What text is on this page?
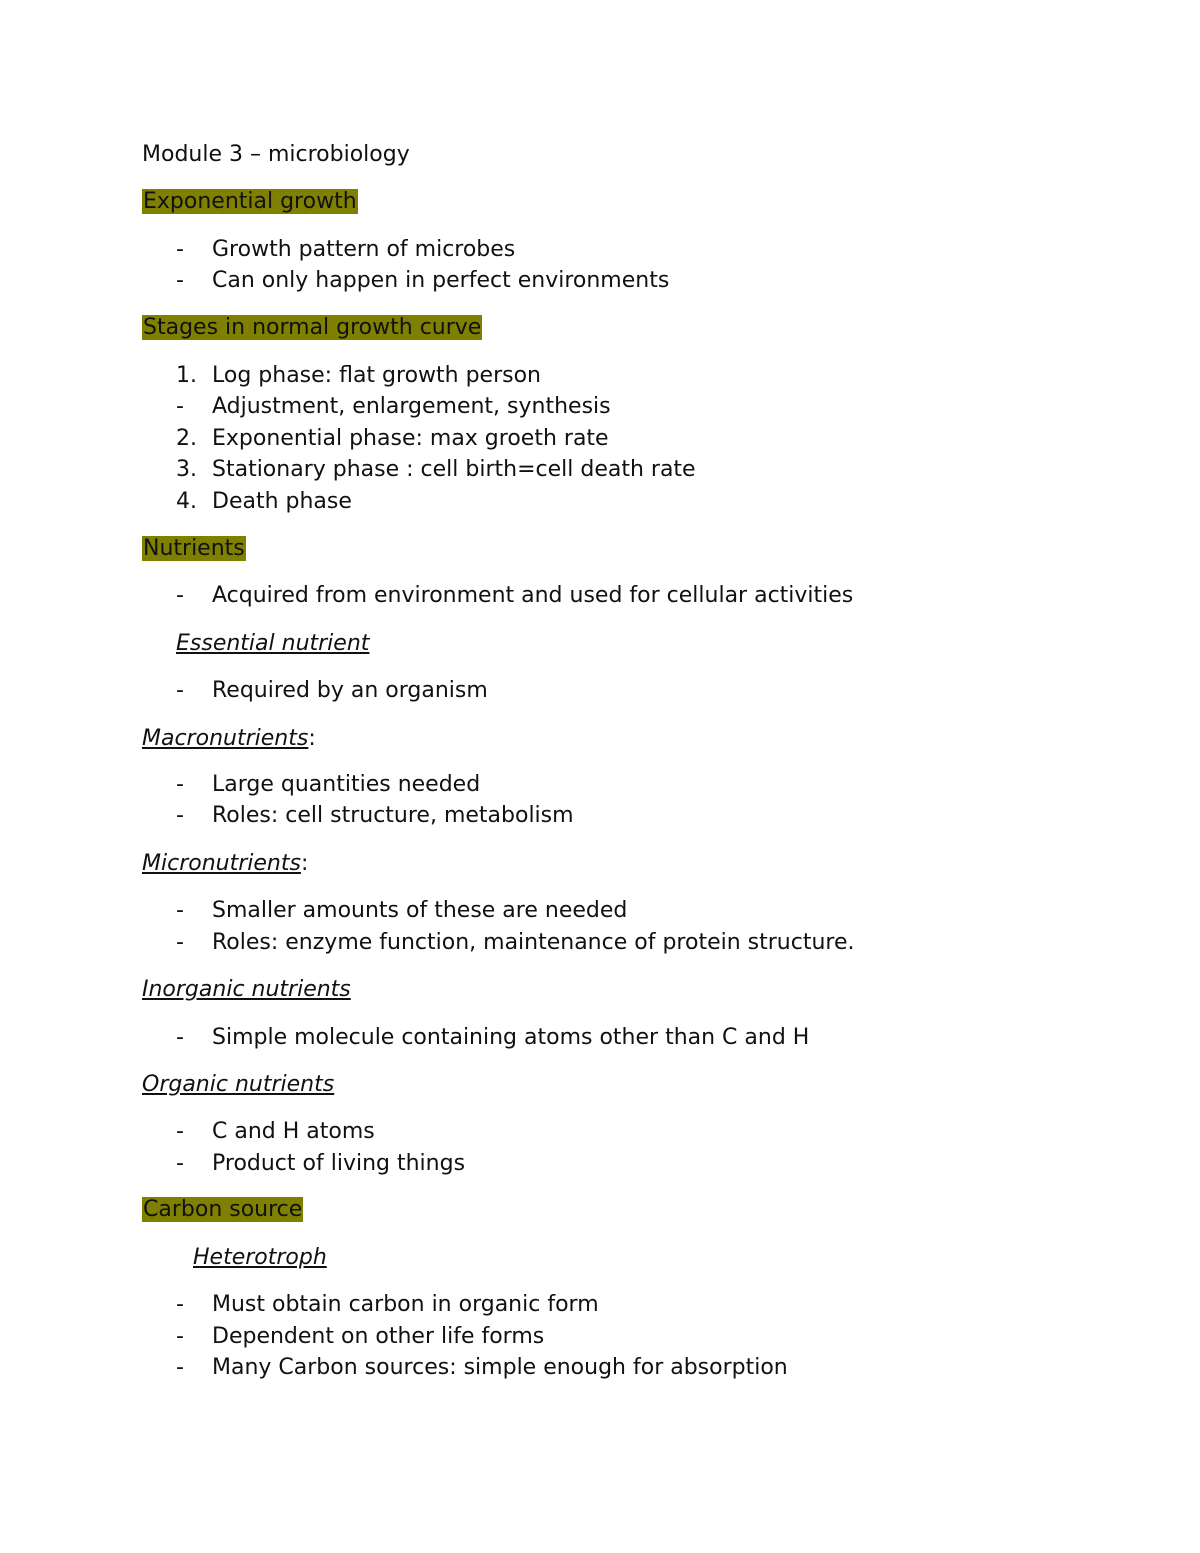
Module 3 – microbiology
Exponential growth
-	Growth pattern of microbes
-	Can only happen in perfect environments
Stages in normal growth curve
1. Log phase: flat growth person
-	Adjustment, enlargement, synthesis
2. Exponential phase: max groeth rate
3. Stationary phase : cell birth=cell death rate
4. Death phase
Nutrients
-	Acquired from environment and used for cellular activities
Essential nutrient
-	Required by an organism
Macronutrients:
-	Large quantities needed
-	Roles: cell structure, metabolism
Micronutrients:
-	Smaller amounts of these are needed
-	Roles: enzyme function, maintenance of protein structure.
Inorganic nutrients
-	Simple molecule containing atoms other than C and H
Organic nutrients
-	C and H atoms
-	Product of living things
Carbon source
Heterotroph
-	Must obtain carbon in organic form
-	Dependent on other life forms
-	Many Carbon sources: simple enough for absorption
